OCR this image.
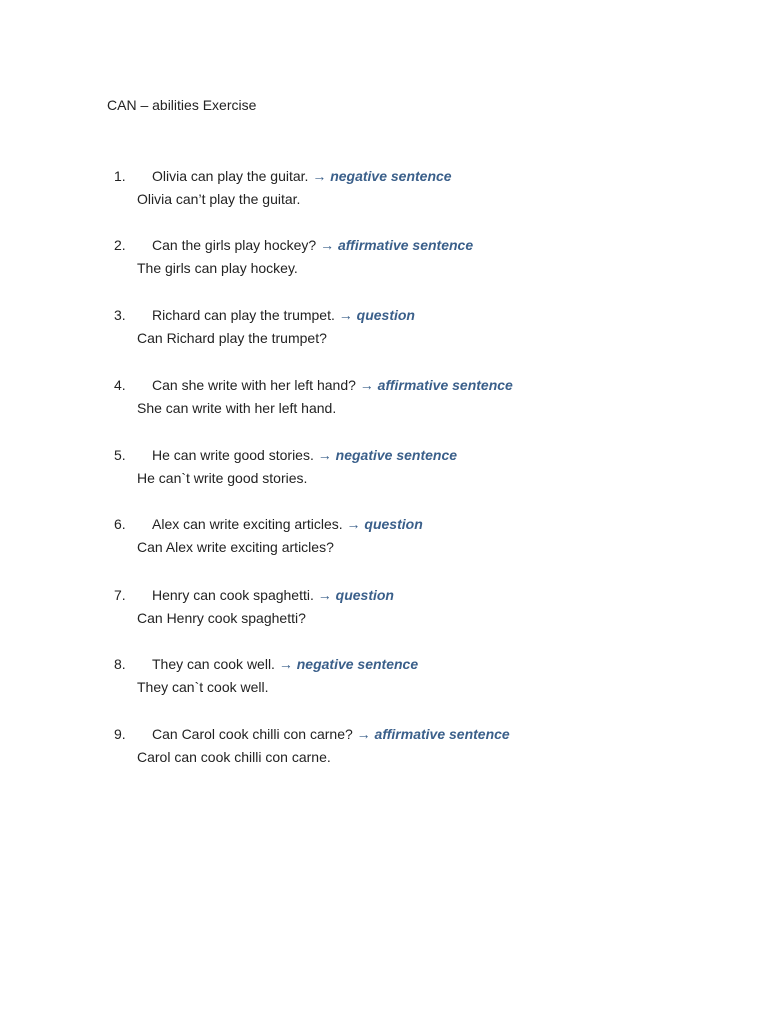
CAN – abilities Exercise
1. Olivia can play the guitar. → negative sentence
Olivia can’t play the guitar.
2. Can the girls play hockey? → affirmative sentence
The girls can play hockey.
3. Richard can play the trumpet. → question
Can Richard play the trumpet?
4. Can she write with her left hand? → affirmative sentence
She can write with her left hand.
5. He can write good stories. → negative sentence
He can`t write good stories.
6. Alex can write exciting articles. → question
Can Alex write exciting articles?
7. Henry can cook spaghetti. → question
Can Henry cook spaghetti?
8. They can cook well. → negative sentence
They can`t cook well.
9. Can Carol cook chilli con carne? → affirmative sentence
Carol can cook chilli con carne.
